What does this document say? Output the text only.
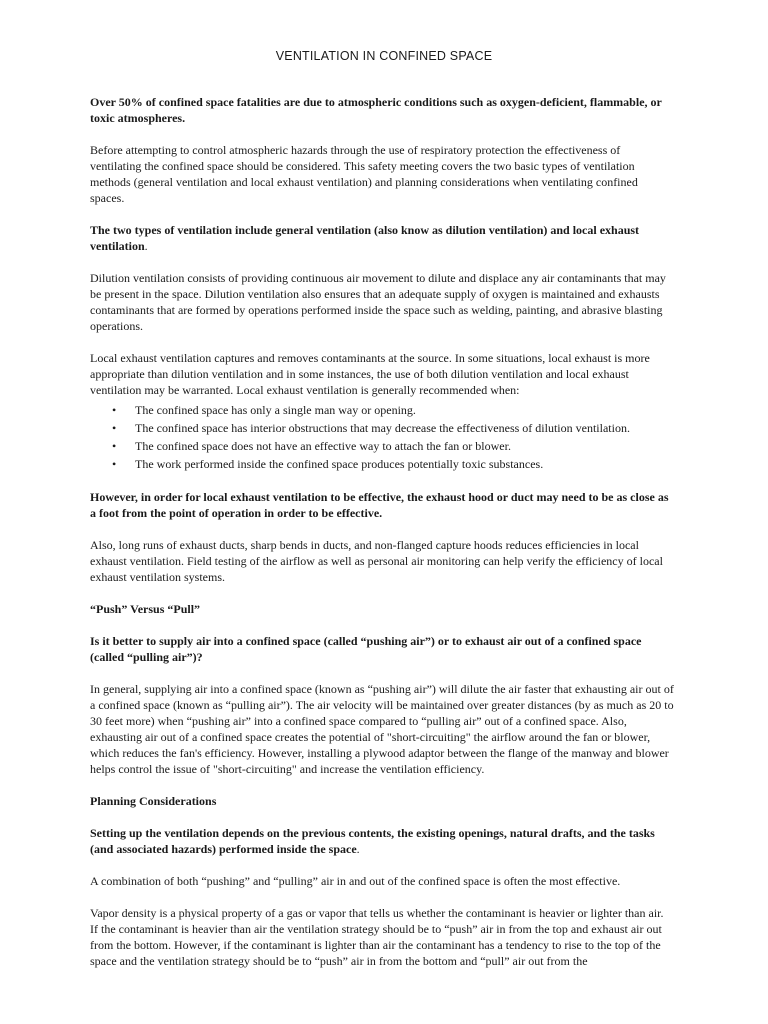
VENTILATION IN CONFINED SPACE

Over 50% of confined space fatalities are due to atmospheric conditions such as oxygen-deficient, flammable, or toxic atmospheres.

Before attempting to control atmospheric hazards through the use of respiratory protection the effectiveness of ventilating the confined space should be considered. This safety meeting covers the two basic types of ventilation methods (general ventilation and local exhaust ventilation) and planning considerations when ventilating confined spaces.

The two types of ventilation include general ventilation (also know as dilution ventilation) and local exhaust ventilation.

Dilution ventilation consists of providing continuous air movement to dilute and displace any air contaminants that may be present in the space. Dilution ventilation also ensures that an adequate supply of oxygen is maintained and exhausts contaminants that are formed by operations performed inside the space such as welding, painting, and abrasive blasting operations.

Local exhaust ventilation captures and removes contaminants at the source. In some situations, local exhaust is more appropriate than dilution ventilation and in some instances, the use of both dilution ventilation and local exhaust ventilation may be warranted. Local exhaust ventilation is generally recommended when:

• The confined space has only a single man way or opening.
• The confined space has interior obstructions that may decrease the effectiveness of dilution ventilation.
• The confined space does not have an effective way to attach the fan or blower.
• The work performed inside the confined space produces potentially toxic substances.

However, in order for local exhaust ventilation to be effective, the exhaust hood or duct may need to be as close as a foot from the point of operation in order to be effective.

Also, long runs of exhaust ducts, sharp bends in ducts, and non-flanged capture hoods reduces efficiencies in local exhaust ventilation. Field testing of the airflow as well as personal air monitoring can help verify the efficiency of local exhaust ventilation systems.

“Push” Versus “Pull”

Is it better to supply air into a confined space (called “pushing air”) or to exhaust air out of a confined space (called “pulling air”)?

In general, supplying air into a confined space (known as “pushing air”) will dilute the air faster that exhausting air out of a confined space (known as “pulling air”). The air velocity will be maintained over greater distances (by as much as 20 to 30 feet more) when “pushing air” into a confined space compared to “pulling air” out of a confined space. Also, exhausting air out of a confined space creates the potential of "short-circuiting" the airflow around the fan or blower, which reduces the fan's efficiency. However, installing a plywood adaptor between the flange of the manway and blower helps control the issue of "short-circuiting" and increase the ventilation efficiency.

Planning Considerations

Setting up the ventilation depends on the previous contents, the existing openings, natural drafts, and the tasks (and associated hazards) performed inside the space.

A combination of both “pushing” and “pulling” air in and out of the confined space is often the most effective.

Vapor density is a physical property of a gas or vapor that tells us whether the contaminant is heavier or lighter than air. If the contaminant is heavier than air the ventilation strategy should be to “push” air in from the top and exhaust air out from the bottom. However, if the contaminant is lighter than air the contaminant has a tendency to rise to the top of the space and the ventilation strategy should be to “push” air in from the bottom and “pull” air out from the
